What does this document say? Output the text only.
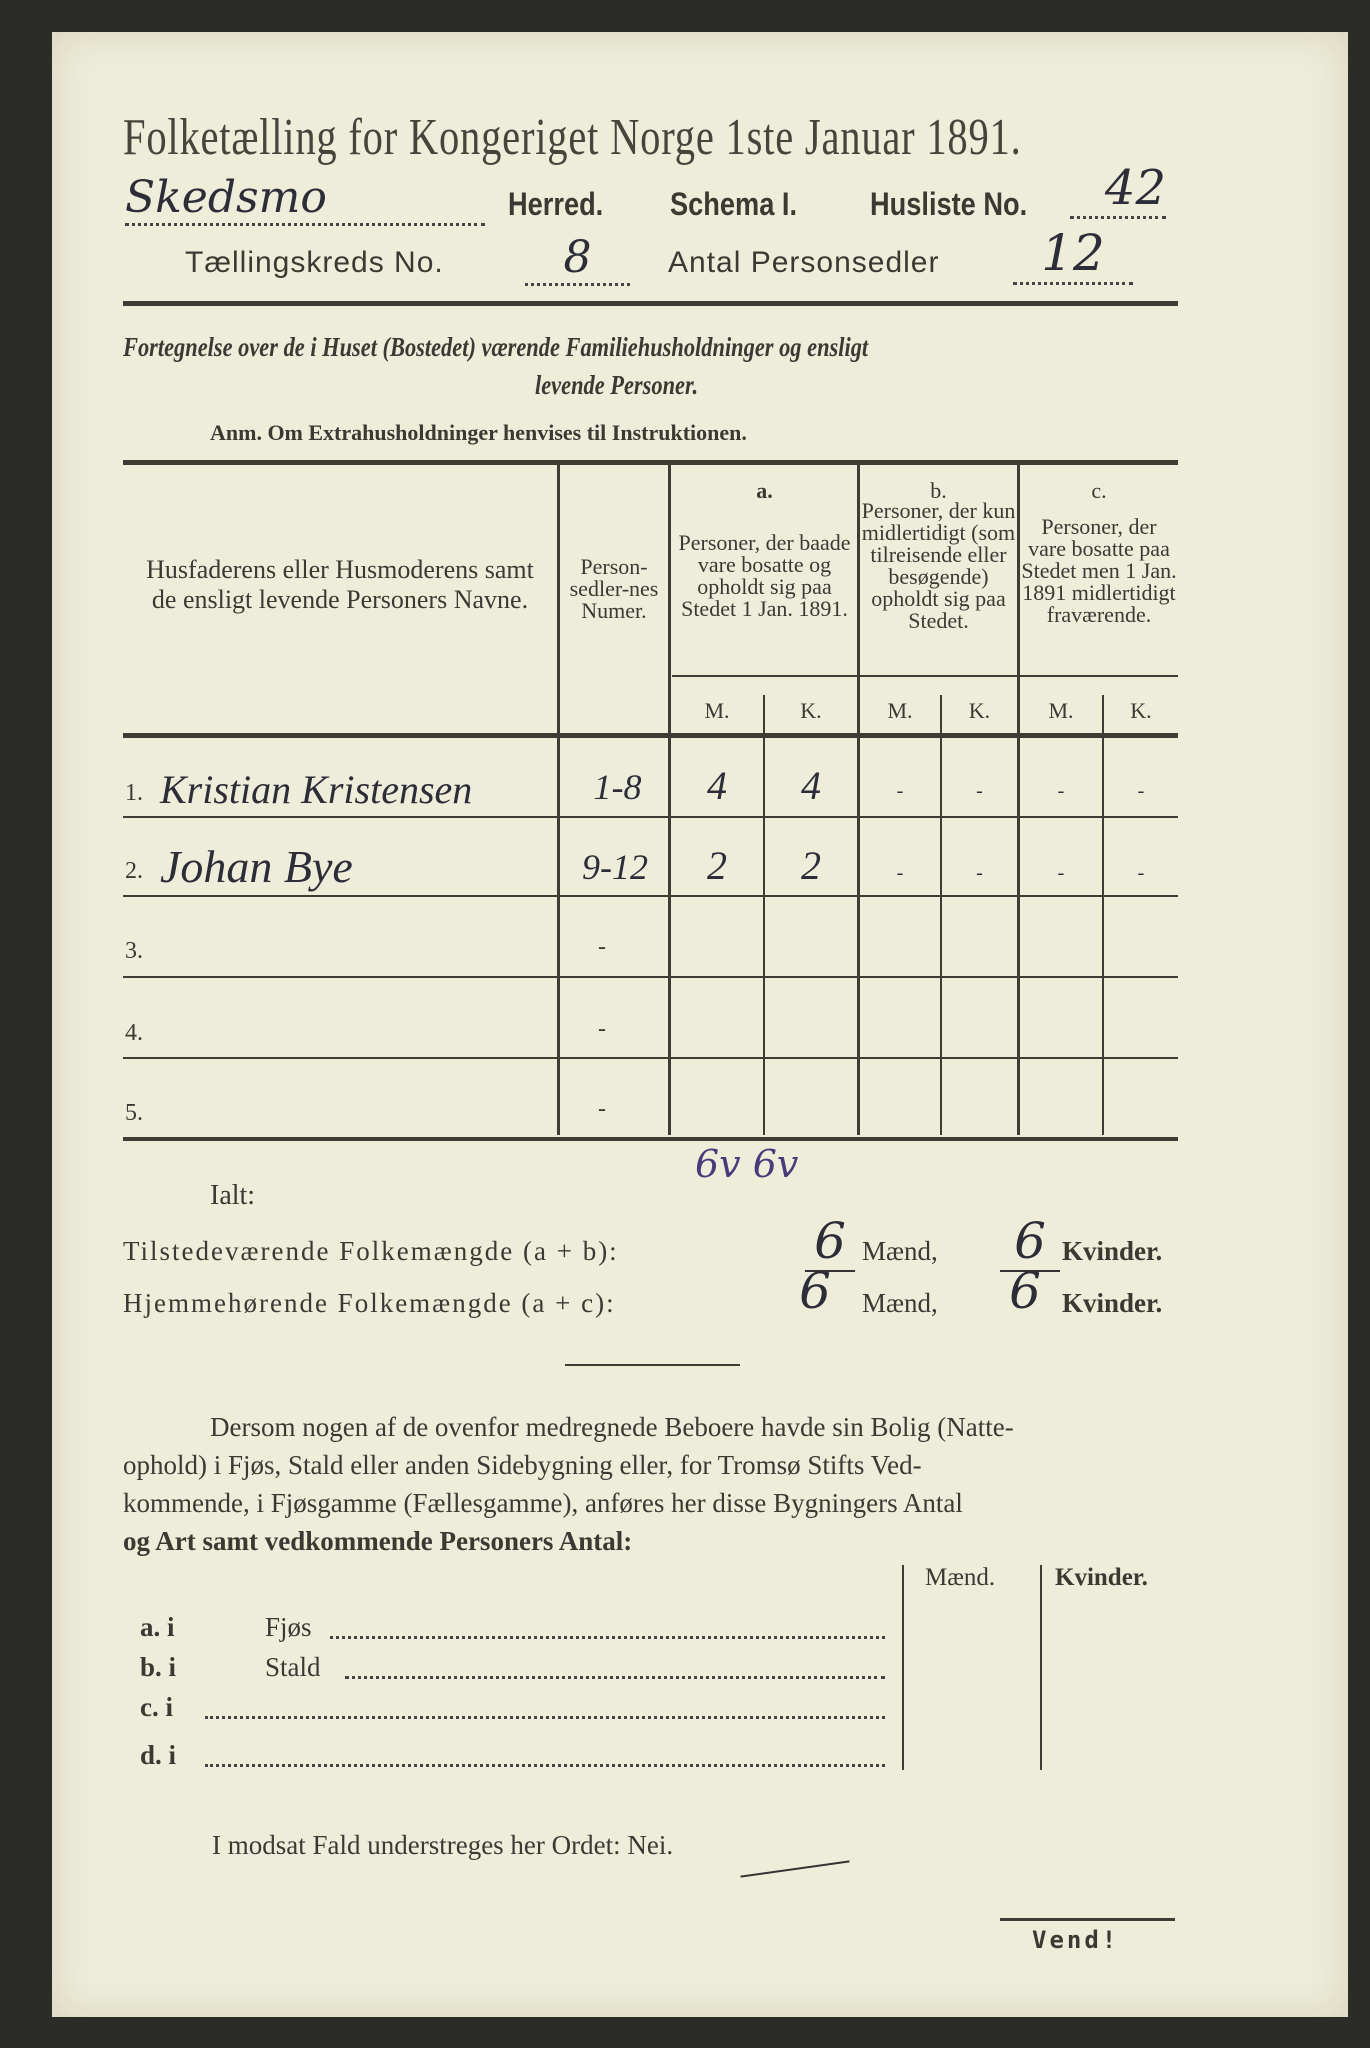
Folketælling for Kongeriget Norge 1ste Januar 1891.
Skedsmo	Herred. Schema I. Husliste No.	42
Tællingskreds No.	8	Antal Personsedler	12
Fortegnelse over de i Huset (Bostedet) værende Familiehusholdninger og ensligt
levende Personer.
Anm. Om Extrahusholdninger henvises til Instruktionen.
Husfaderens eller Husmoderens samt de ensligt levende Personers Navne.
Person-sedler-nes Numer.
a.
Personer, der baade vare bosatte og opholdt sig paa Stedet 1 Jan. 1891.
b.
Personer, der kun midlertidigt (som tilreisende eller besøgende) opholdt sig paa Stedet.
c.
Personer, der vare bosatte paa Stedet men 1 Jan. 1891 midlertidigt fraværende.
M.	K.	M.	K.	M.	K.
1. Kristian Kristensen	1-8	4	4	-	-	-	-
2. Johan Bye	9-12	2	2	-	-	-	-
3.	-
4.	-
5.	-
6v 6v
Ialt:
Tilstedeværende Folkemængde (a + b):	6 Mænd, 6 Kvinder.
Hjemmehørende Folkemængde (a + c):	6	Mænd,	6 Kvinder.
Dersom nogen af de ovenfor medregnede Beboere havde sin Bolig (Natte-
ophold) i Fjøs, Stald eller anden Sidebygning eller, for Tromsø Stifts Ved-
kommende, i Fjøsgamme (Fællesgamme), anføres her disse Bygningers Antal
og Art samt vedkommende Personers Antal:
Mænd. Kvinder.
a. i	Fjøs
b. i	Stald
c. i
d. i
I modsat Fald understreges her Ordet: Nei.
Vend!
